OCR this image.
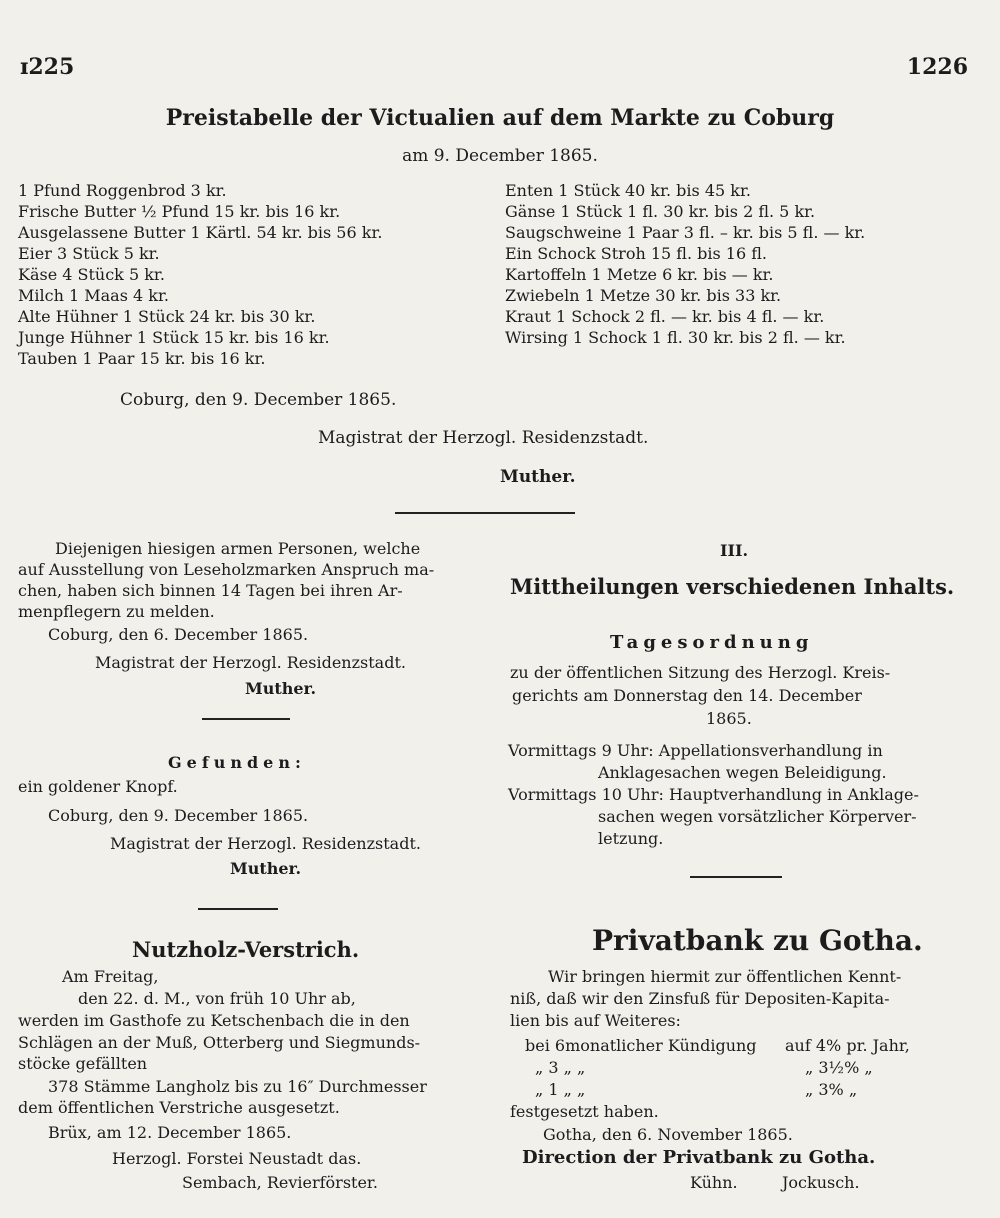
ɪ225	1226
Preistabelle der Victualien auf dem Markte zu Coburg
am 9. December 1865.
1 Pfund Roggenbrod 3 kr.
Frische Butter ½ Pfund 15 kr. bis 16 kr.
Ausgelassene Butter 1 Kärtl. 54 kr. bis 56 kr.
Eier 3 Stück 5 kr.
Käse 4 Stück 5 kr.
Milch 1 Maas 4 kr.
Alte Hühner 1 Stück 24 kr. bis 30 kr.
Junge Hühner 1 Stück 15 kr. bis 16 kr.
Tauben 1 Paar 15 kr. bis 16 kr.
Enten 1 Stück 40 kr. bis 45 kr.
Gänse 1 Stück 1 fl. 30 kr. bis 2 fl. 5 kr.
Saugschweine 1 Paar 3 fl. – kr. bis 5 fl. — kr.
Ein Schock Stroh 15 fl. bis 16 fl.
Kartoffeln 1 Metze 6 kr. bis — kr.
Zwiebeln 1 Metze 30 kr. bis 33 kr.
Kraut 1 Schock 2 fl. — kr. bis 4 fl. — kr.
Wirsing 1 Schock 1 fl. 30 kr. bis 2 fl. — kr.
Coburg, den 9. December 1865.
Magistrat der Herzogl. Residenzstadt.
Muther.
Diejenigen hiesigen armen Personen, welche
auf Ausstellung von Leseholzmarken Anspruch ma-
chen, haben sich binnen 14 Tagen bei ihren Ar-
menpflegern zu melden.
Coburg, den 6. December 1865.
Magistrat der Herzogl. Residenzstadt.
Muther.
Gefunden:
ein goldener Knopf.
Coburg, den 9. December 1865.
Magistrat der Herzogl. Residenzstadt.
Muther.
Nutzholz-Verstrich.
Am Freitag,
den 22. d. M., von früh 10 Uhr ab,
werden im Gasthofe zu Ketschenbach die in den
Schlägen an der Muß, Otterberg und Siegmunds-
stöcke gefällten
378 Stämme Langholz bis zu 16″ Durchmesser
dem öffentlichen Verstriche ausgesetzt.
Brüx, am 12. December 1865.
Herzogl. Forstei Neustadt das.
Sembach, Revierförster.
III.
Mittheilungen verschiedenen Inhalts.
Tagesordnung
zu der öffentlichen Sitzung des Herzogl. Kreis-
gerichts am Donnerstag den 14. December
1865.
Vormittags 9 Uhr: Appellationsverhandlung in
Anklagesachen wegen Beleidigung.
Vormittags 10 Uhr: Hauptverhandlung in Anklage-
sachen wegen vorsätzlicher Körperver-
letzung.
Privatbank zu Gotha.
Wir bringen hiermit zur öffentlichen Kennt-
niß, daß wir den Zinsfuß für Depositen-Kapita-
lien bis auf Weiteres:
bei 6monatlicher Kündigung auf 4% pr. Jahr,
„ 3 „ „	„ 3½% „
„ 1 „ „	„ 3% „
festgesetzt haben.
Gotha, den 6. November 1865.
Direction der Privatbank zu Gotha.
Kühn.	Jockusch.
